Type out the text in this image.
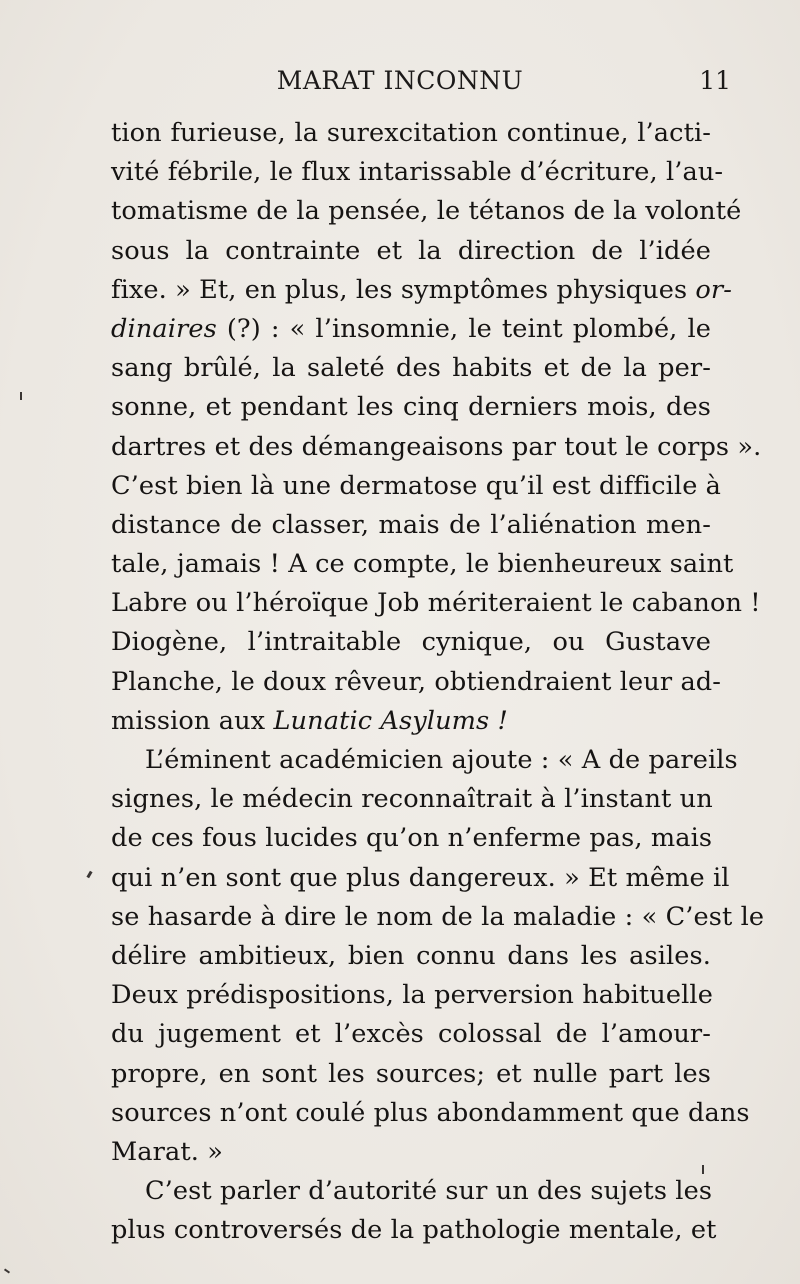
MARAT INCONNU	11
tion furieuse, la surexcitation continue, l’acti-
vité fébrile, le flux intarissable d’écriture, l’au-
tomatisme de la pensée, le tétanos de la volonté
sous la contrainte et la direction de l’idée
fixe. » Et, en plus, les symptômes physiques or-
dinaires (?) : « l’insomnie, le teint plombé, le
sang brûlé, la saleté des habits et de la per-
sonne, et pendant les cinq derniers mois, des
dartres et des démangeaisons par tout le corps ».
C’est bien là une dermatose qu’il est difficile à
distance de classer, mais de l’aliénation men-
tale, jamais ! A ce compte, le bienheureux saint
Labre ou l’héroïque Job mériteraient le cabanon !
Diogène, l’intraitable cynique, ou Gustave
Planche, le doux rêveur, obtiendraient leur ad-
mission aux Lunatic Asylums !
L’éminent académicien ajoute : « A de pareils
signes, le médecin reconnaîtrait à l’instant un
de ces fous lucides qu’on n’enferme pas, mais
qui n’en sont que plus dangereux. » Et même il
se hasarde à dire le nom de la maladie : « C’est le
délire ambitieux, bien connu dans les asiles.
Deux prédispositions, la perversion habituelle
du jugement et l’excès colossal de l’amour-
propre, en sont les sources; et nulle part les
sources n’ont coulé plus abondamment que dans
Marat. »
C’est parler d’autorité sur un des sujets les
plus controversés de la pathologie mentale, et
